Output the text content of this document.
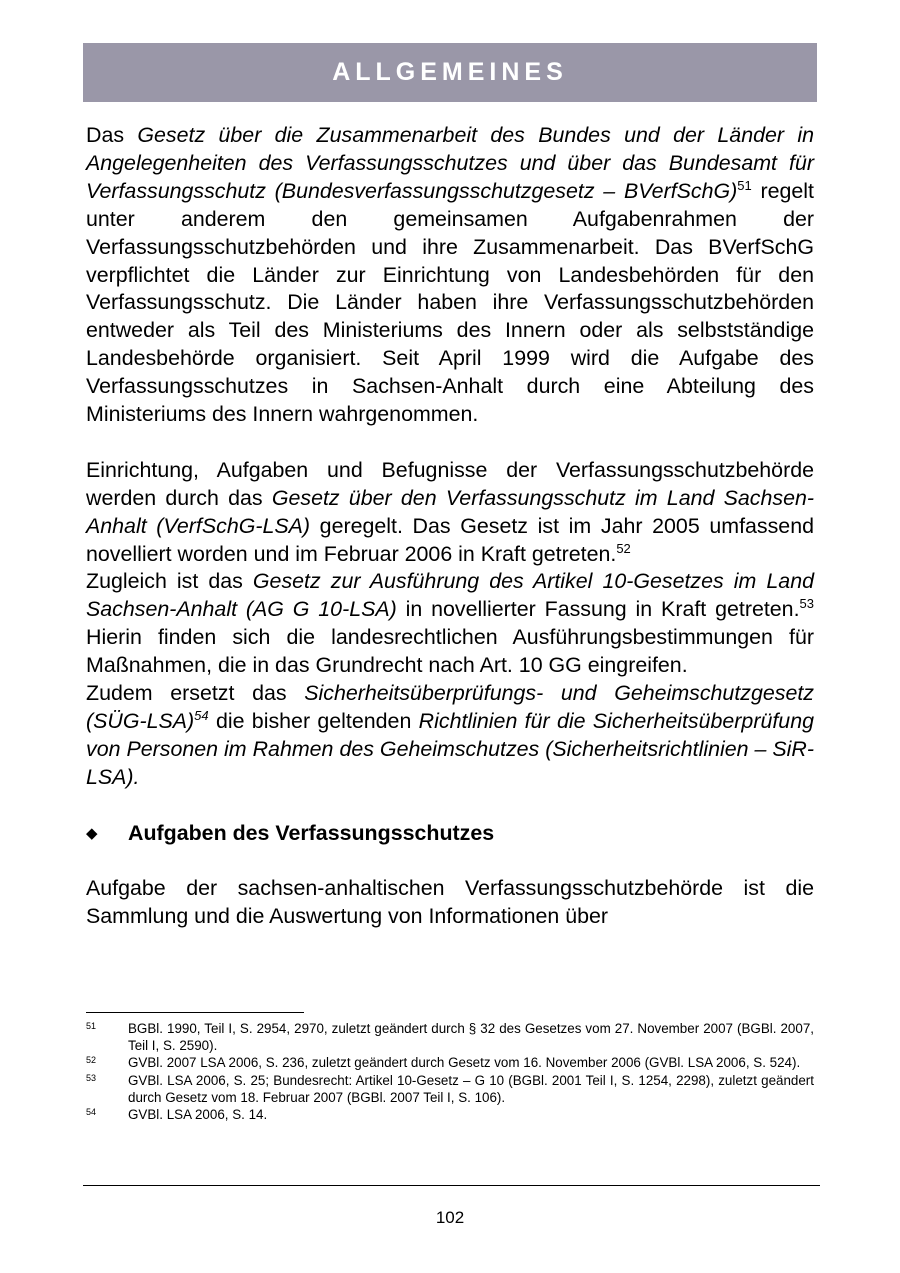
ALLGEMEINES

Das Gesetz über die Zusammenarbeit des Bundes und der Länder in Angelegenheiten des Verfassungsschutzes und über das Bundesamt für Verfassungsschutz (Bundesverfassungsschutzgesetz – BVerfSchG)$^{51}$ regelt unter anderem den gemeinsamen Aufgabenrahmen der Verfassungsschutzbehörden und ihre Zusammenarbeit. Das BVerfSchG verpflichtet die Länder zur Einrichtung von Landesbehörden für den Verfassungsschutz. Die Länder haben ihre Verfassungsschutzbehörden entweder als Teil des Ministeriums des Innern oder als selbstständige Landesbehörde organisiert. Seit April 1999 wird die Aufgabe des Verfassungsschutzes in Sachsen-Anhalt durch eine Abteilung des Ministeriums des Innern wahrgenommen.

Einrichtung, Aufgaben und Befugnisse der Verfassungsschutzbehörde werden durch das Gesetz über den Verfassungsschutz im Land Sachsen-Anhalt (VerfSchG-LSA) geregelt. Das Gesetz ist im Jahr 2005 umfassend novelliert worden und im Februar 2006 in Kraft getreten.$^{52}$

Zugleich ist das Gesetz zur Ausführung des Artikel 10-Gesetzes im Land Sachsen-Anhalt (AG G 10-LSA) in novellierter Fassung in Kraft getreten.$^{53}$ Hierin finden sich die landesrechtlichen Ausführungsbestimmungen für Maßnahmen, die in das Grundrecht nach Art. 10 GG eingreifen.

Zudem ersetzt das Sicherheitsüberprüfungs- und Geheimschutzgesetz (SÜG-LSA)$^{54}$ die bisher geltenden Richtlinien für die Sicherheitsüberprüfung von Personen im Rahmen des Geheimschutzes (Sicherheitsrichtlinien – SiR-LSA).

◆	Aufgaben des Verfassungsschutzes

Aufgabe der sachsen-anhaltischen Verfassungsschutzbehörde ist die Sammlung und die Auswertung von Informationen über

51	BGBl. 1990, Teil I, S. 2954, 2970, zuletzt geändert durch § 32 des Gesetzes vom 27. November 2007 (BGBl. 2007, Teil I, S. 2590).
52	GVBl. 2007 LSA 2006, S. 236, zuletzt geändert durch Gesetz vom 16. November 2006 (GVBl. LSA 2006, S. 524).
53	GVBl. LSA 2006, S. 25; Bundesrecht: Artikel 10-Gesetz – G 10 (BGBl. 2001 Teil I, S. 1254, 2298), zuletzt geändert durch Gesetz vom 18. Februar 2007 (BGBl. 2007 Teil I, S. 106).
54	GVBl. LSA 2006, S. 14.
102
